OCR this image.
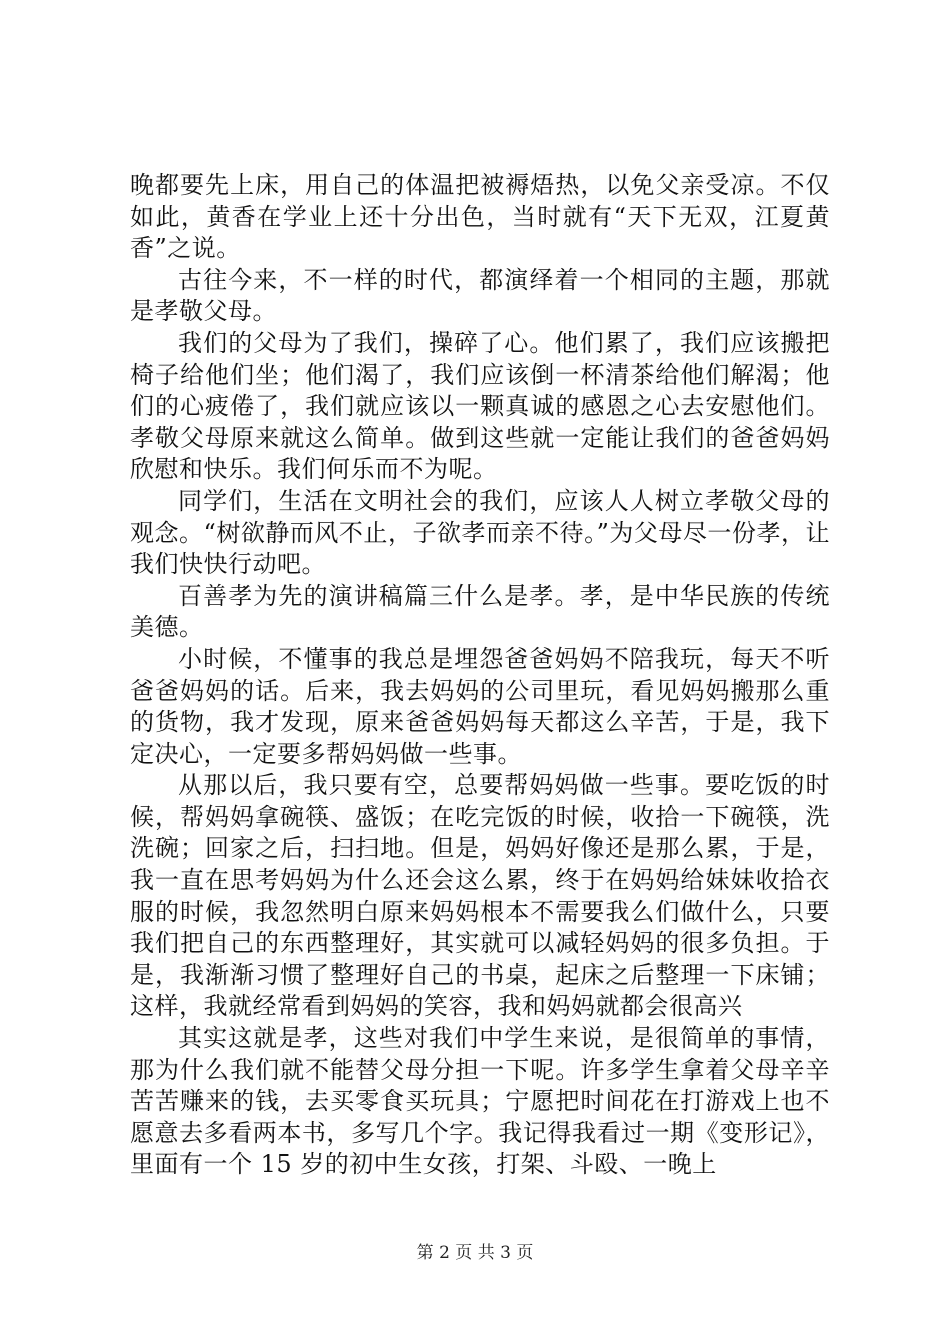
晚都要先上床，用自己的体温把被褥焐热，以免父亲受凉。不仅如此，黄香在学业上还十分出色，当时就有“天下无双，江夏黄香”之说。

古往今来，不一样的时代，都演绎着一个相同的主题，那就是孝敬父母。

我们的父母为了我们，操碎了心。他们累了，我们应该搬把椅子给他们坐；他们渴了，我们应该倒一杯清茶给他们解渴；他们的心疲倦了，我们就应该以一颗真诚的感恩之心去安慰他们。孝敬父母原来就这么简单。做到这些就一定能让我们的爸爸妈妈欣慰和快乐。我们何乐而不为呢。

同学们，生活在文明社会的我们，应该人人树立孝敬父母的观念。“树欲静而风不止，子欲孝而亲不待。”为父母尽一份孝，让我们快快行动吧。

百善孝为先的演讲稿篇三什么是孝。孝，是中华民族的传统美德。

小时候，不懂事的我总是埋怨爸爸妈妈不陪我玩，每天不听爸爸妈妈的话。后来，我去妈妈的公司里玩，看见妈妈搬那么重的货物，我才发现，原来爸爸妈妈每天都这么辛苦，于是，我下定决心，一定要多帮妈妈做一些事。

从那以后，我只要有空，总要帮妈妈做一些事。要吃饭的时候，帮妈妈拿碗筷、盛饭；在吃完饭的时候，收拾一下碗筷，洗洗碗；回家之后，扫扫地。但是，妈妈好像还是那么累，于是，我一直在思考妈妈为什么还会这么累，终于在妈妈给妹妹收拾衣服的时候，我忽然明白原来妈妈根本不需要我么们做什么，只要我们把自己的东西整理好，其实就可以减轻妈妈的很多负担。于是，我渐渐习惯了整理好自己的书桌，起床之后整理一下床铺；这样，我就经常看到妈妈的笑容，我和妈妈就都会很高兴

其实这就是孝，这些对我们中学生来说，是很简单的事情，那为什么我们就不能替父母分担一下呢。许多学生拿着父母辛辛苦苦赚来的钱，去买零食买玩具；宁愿把时间花在打游戏上也不愿意去多看两本书，多写几个字。我记得我看过一期《变形记》，里面有一个 15 岁的初中生女孩，打架、斗殴、一晚上

第 2 页 共 3 页
